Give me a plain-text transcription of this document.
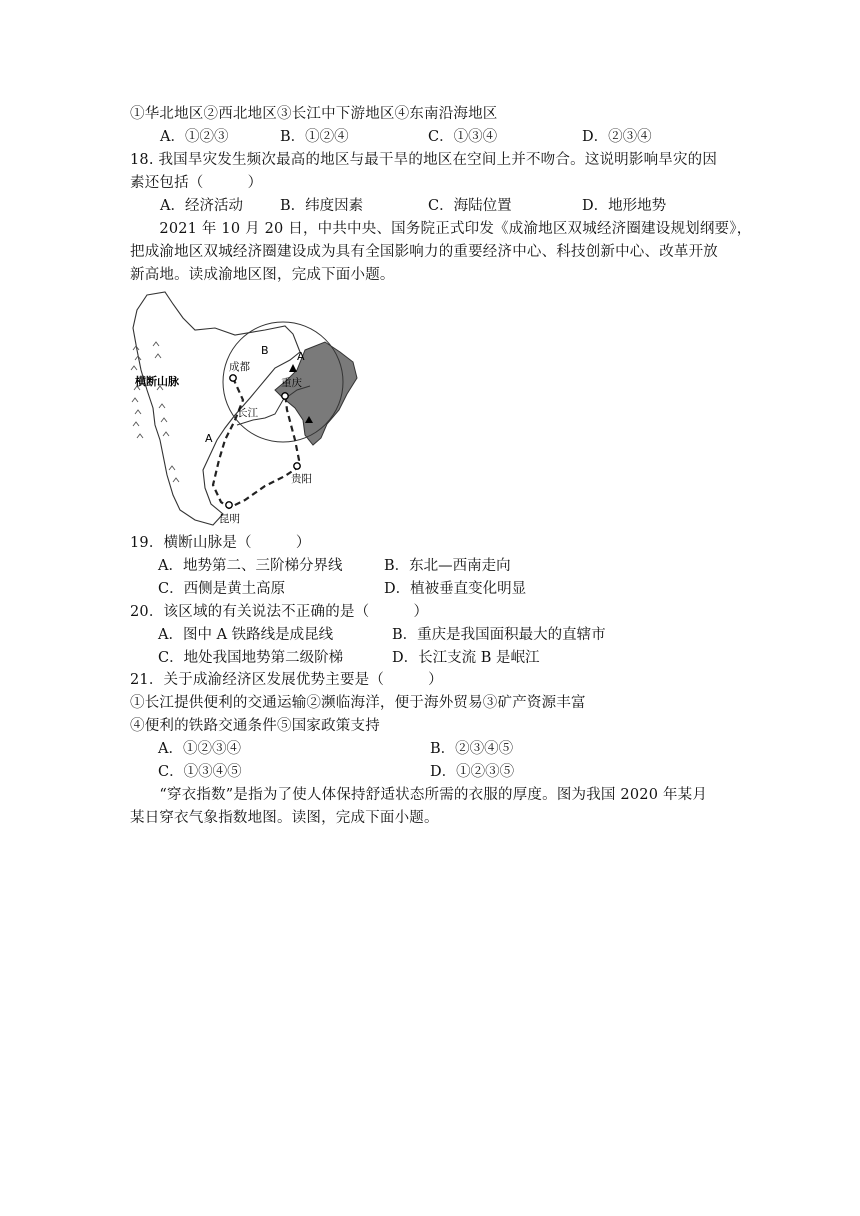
①华北地区②西北地区③长江中下游地区④东南沿海地区
A．①②③	B．①②④	C．①③④	D．②③④
18. 我国旱灾发生频次最高的地区与最干旱的地区在空间上并不吻合。这说明影响旱灾的因
素还包括（　　　）
A．经济活动	B．纬度因素	C．海陆位置	D．地形地势
　　2021 年 10 月 20 日，中共中央、国务院正式印发《成渝地区双城经济圈建设规划纲要》，
把成渝地区双城经济圈建设成为具有全国影响力的重要经济中心、科技创新中心、改革开放
新高地。读成渝地区图，完成下面小题。
横断山脉
成都
重庆
长江
贵阳
昆明
A
B	A
19．横断山脉是（　　　）
A．地势第二、三阶梯分界线	B．东北—西南走向
C．西侧是黄土高原	D．植被垂直变化明显
20．该区域的有关说法不正确的是（　　　）
A．图中 A 铁路线是成昆线	B．重庆是我国面积最大的直辖市
C．地处我国地势第二级阶梯	D．长江支流 B 是岷江
21．关于成渝经济区发展优势主要是（　　　）
①长江提供便利的交通运输②濒临海洋，便于海外贸易③矿产资源丰富
④便利的铁路交通条件⑤国家政策支持
A．①②③④	B．②③④⑤
C．①③④⑤	D．①②③⑤
　　“穿衣指数”是指为了使人体保持舒适状态所需的衣服的厚度。图为我国 2020 年某月
某日穿衣气象指数地图。读图，完成下面小题。
